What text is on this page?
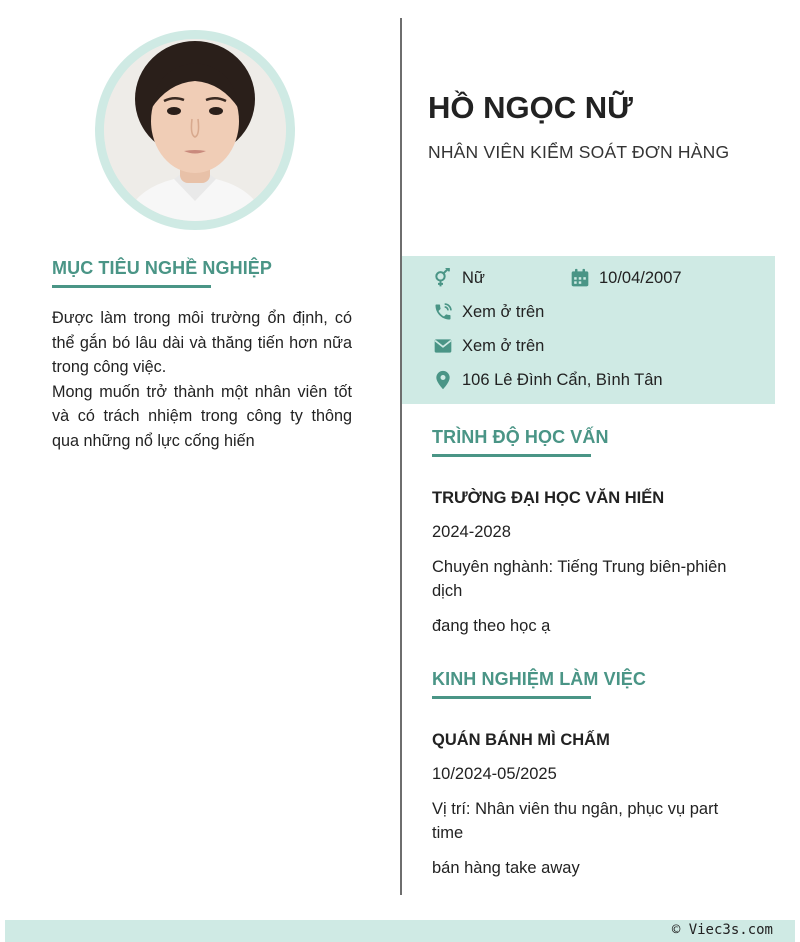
MỤC TIÊU NGHỀ NGHIỆP

Được làm trong môi trường ổn định, có thể gắn bó lâu dài và thăng tiến hơn nữa trong công việc.

Mong muốn trở thành một nhân viên tốt và có trách nhiệm trong công ty thông qua những nổ lực cống hiến

HỒ NGỌC NỮ
NHÂN VIÊN KIỂM SOÁT ĐƠN HÀNG
Nữ	10/04/2007
Xem ở trên
Xem ở trên
106 Lê Đình Cẩn, Bình Tân
TRÌNH ĐỘ HỌC VẤN
TRƯỜNG ĐẠI HỌC VĂN HIẾN
2024-2028
Chuyên nghành: Tiếng Trung biên-phiên dịch
đang theo học ạ
KINH NGHIỆM LÀM VIỆC
QUÁN BÁNH MÌ CHẤM
10/2024-05/2025
Vị trí: Nhân viên thu ngân, phục vụ part time
bán hàng take away
© Viec3s.com
